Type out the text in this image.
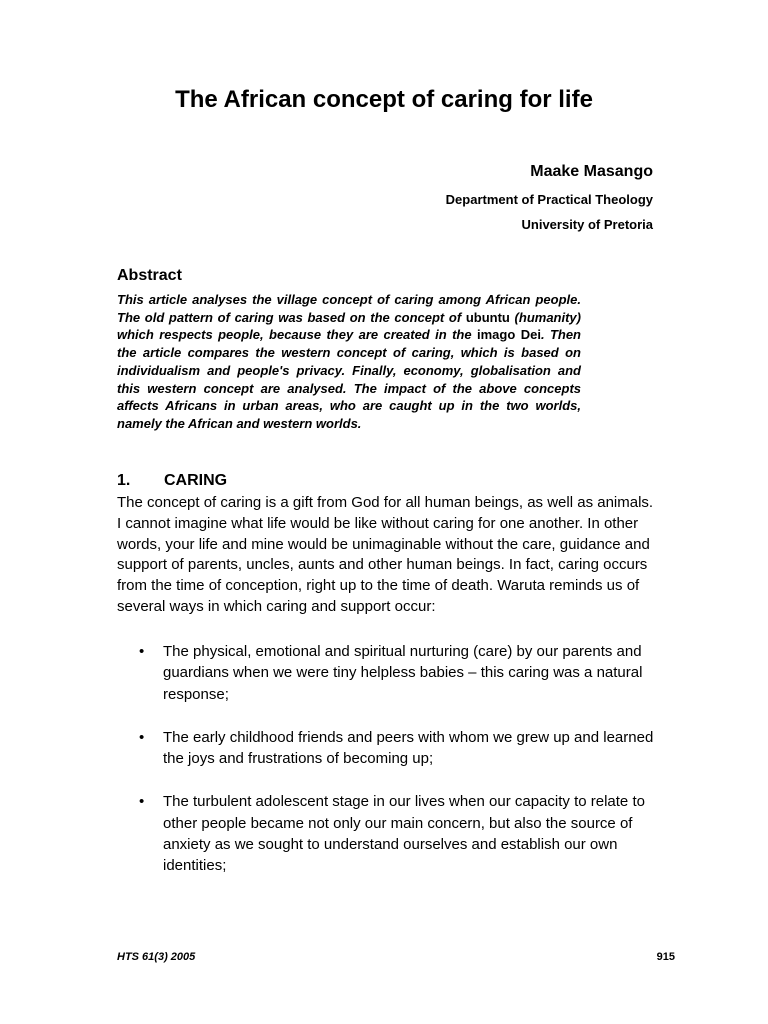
The African concept of caring for life
Maake Masango
Department of Practical Theology
University of Pretoria
Abstract

This article analyses the village concept of caring among African people. The old pattern of caring was based on the concept of ubuntu (humanity) which respects people, because they are created in the imago Dei. Then the article compares the western concept of caring, which is based on individualism and people's privacy. Finally, economy, globalisation and this western concept are analysed. The impact of the above concepts affects Africans in urban areas, who are caught up in the two worlds, namely the African and western worlds.

1. CARING

The concept of caring is a gift from God for all human beings, as well as animals. I cannot imagine what life would be like without caring for one another. In other words, your life and mine would be unimaginable without the care, guidance and support of parents, uncles, aunts and other human beings. In fact, caring occurs from the time of conception, right up to the time of death. Waruta reminds us of several ways in which caring and support occur:

• The physical, emotional and spiritual nurturing (care) by our parents and guardians when we were tiny helpless babies – this caring was a natural response;
• The early childhood friends and peers with whom we grew up and learned the joys and frustrations of becoming up;
• The turbulent adolescent stage in our lives when our capacity to relate to other people became not only our main concern, but also the source of anxiety as we sought to understand ourselves and establish our own identities;
HTS 61(3) 2005	915
